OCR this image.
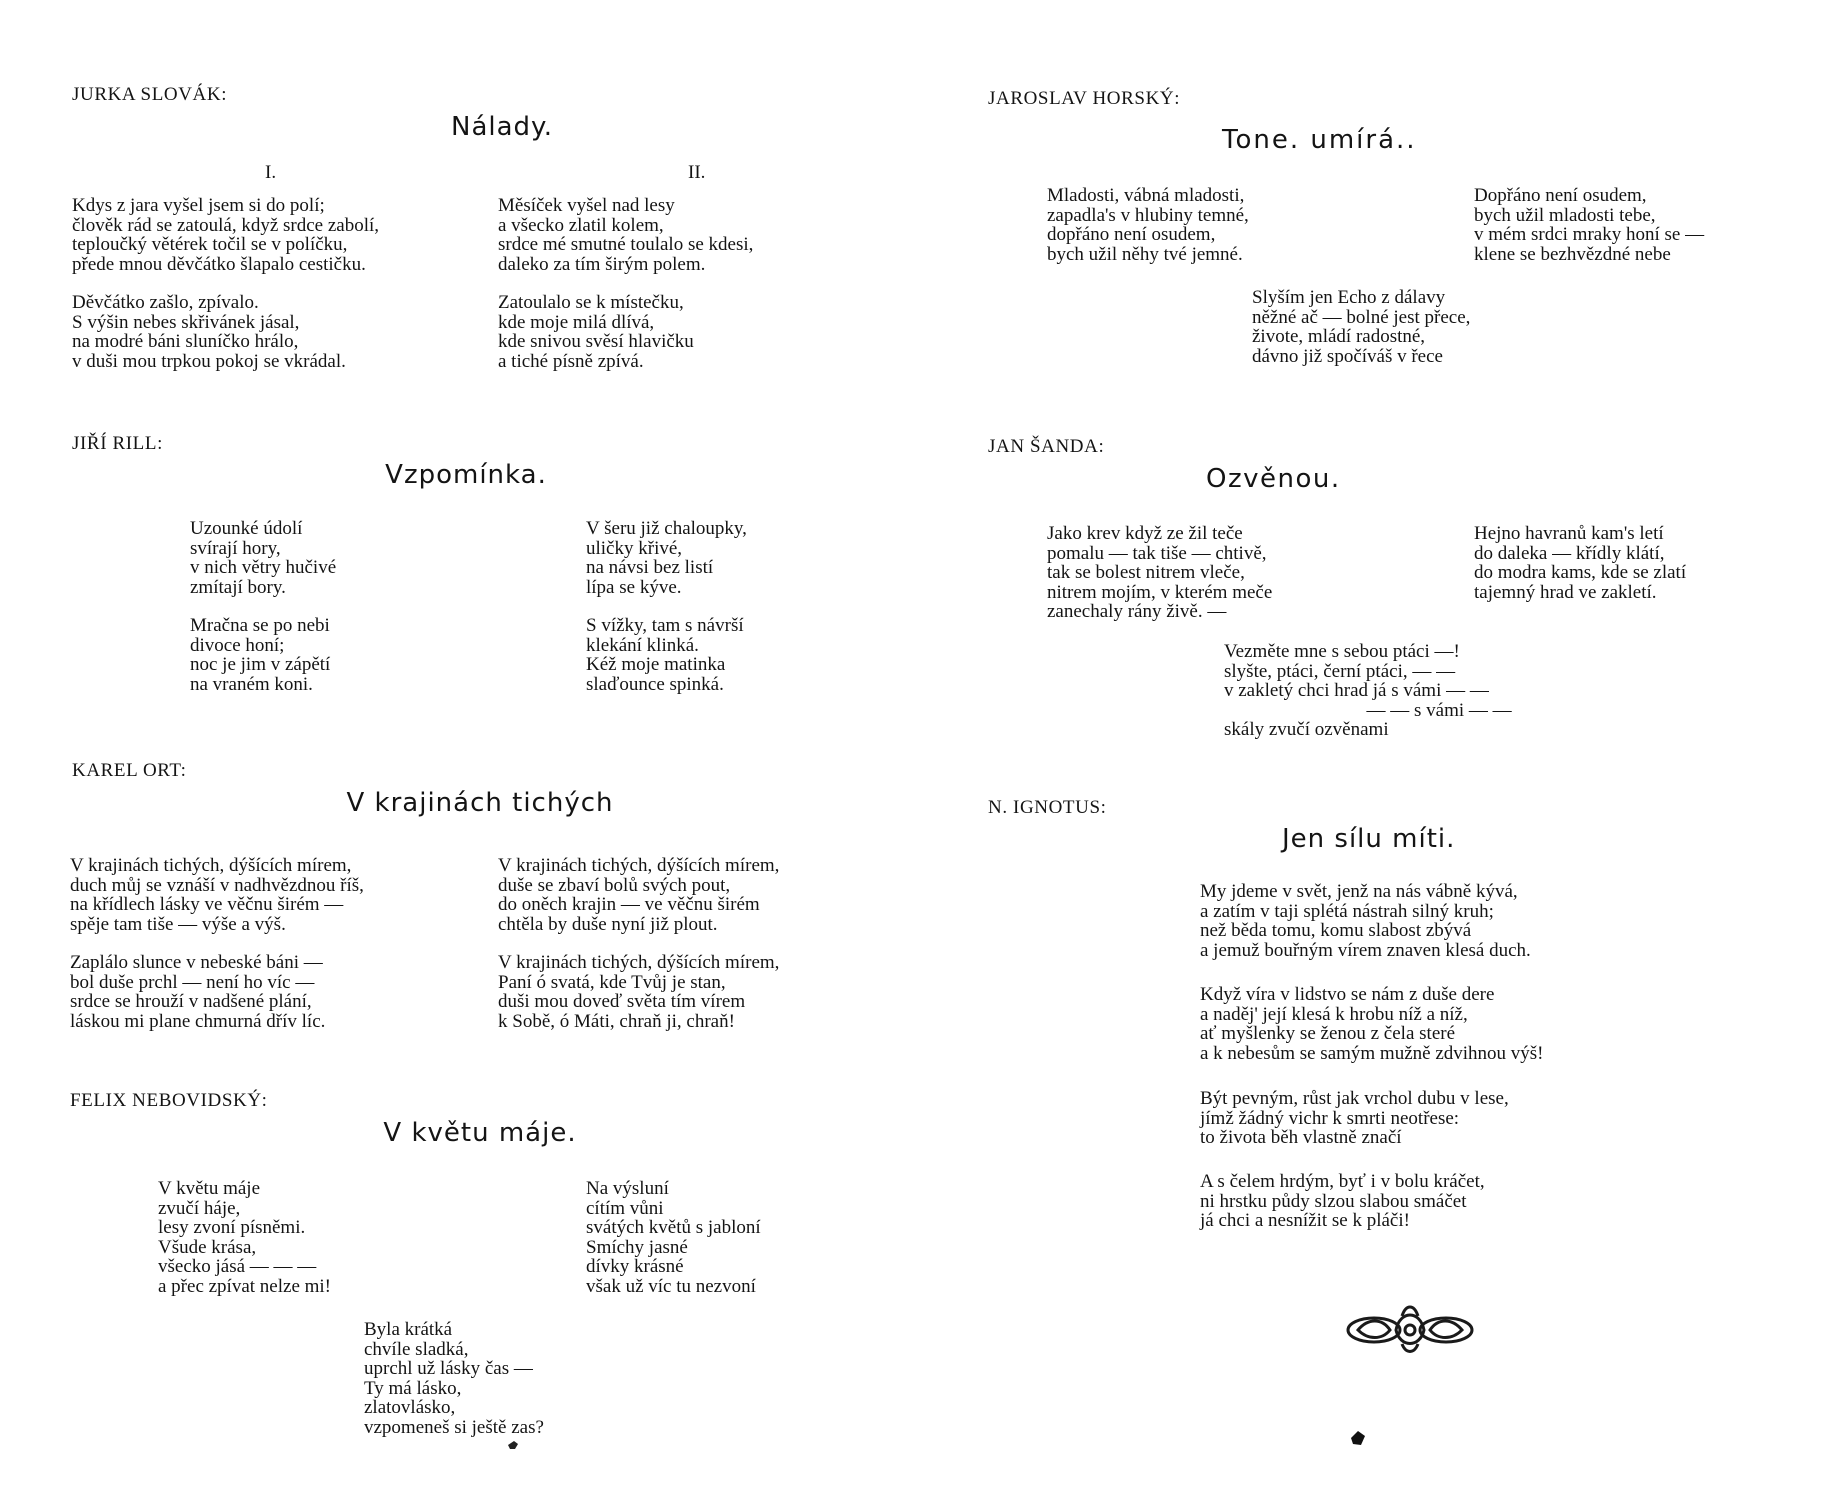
JURKA SLOVÁK:
Nálady.
I.	II.
Kdys z jara vyšel jsem si do polí;
člověk rád se zatoulá, když srdce zabolí,
teploučký větérek točil se v políčku,
přede mnou děvčátko šlapalo cestičku.
Děvčátko zašlo, zpívalo.
S výšin nebes skřivánek jásal,
na modré báni sluníčko hrálo,
v duši mou trpkou pokoj se vkrádal.
Měsíček vyšel nad lesy
a všecko zlatil kolem,
srdce mé smutné toulalo se kdesi,
daleko za tím širým polem.
Zatoulalo se k místečku,
kde moje milá dlívá,
kde snivou svěsí hlavičku
a tiché písně zpívá.
JIŘÍ RILL:
Vzpomínka.
Uzounké údolí
svírají hory,
v nich větry hučivé
zmítají bory.
Mračna se po nebi
divoce honí;
noc je jim v zápětí
na vraném koni.
V šeru již chaloupky,
uličky křivé,
na návsi bez listí
lípa se kýve.
S vížky, tam s návrší
klekání klinká.
Kéž moje matinka
slaďounce spinká.
KAREL ORT:
V krajinách tichých
V krajinách tichých, dýšících mírem,
duch můj se vznáší v nadhvězdnou říš,
na křídlech lásky ve věčnu širém —
spěje tam tiše — výše a výš.
Zaplálo slunce v nebeské báni —
bol duše prchl — není ho víc —
srdce se hrouží v nadšené plání,
láskou mi plane chmurná dřív líc.
V krajinách tichých, dýšících mírem,
duše se zbaví bolů svých pout,
do oněch krajin — ve věčnu širém
chtěla by duše nyní již plout.
V krajinách tichých, dýšících mírem,
Paní ó svatá, kde Tvůj je stan,
duši mou doveď světa tím vírem
k Sobě, ó Máti, chraň ji, chraň!
FELIX NEBOVIDSKÝ:
V květu máje.
V květu máje
zvučí háje,
lesy zvoní písněmi.
Všude krása,
všecko jásá — — —
a přec zpívat nelze mi!
Na výsluní
cítím vůni
svátých květů s jabloní
Smíchy jasné
dívky krásné
však už víc tu nezvoní
Byla krátká
chvíle sladká,
uprchl už lásky čas —
Ty má lásko,
zlatovlásko,
vzpomeneš si ještě zas?
JAROSLAV HORSKÝ:
Tone. umírá..
Mladosti, vábná mladosti,
zapadla's v hlubiny temné,
dopřáno není osudem,
bych užil něhy tvé jemné.
Dopřáno není osudem,
bych užil mladosti tebe,
v mém srdci mraky honí se —
klene se bezhvězdné nebe
Slyším jen Echo z dálavy
něžné ač — bolné jest přece,
živote, mládí radostné,
dávno již spočíváš v řece
JAN ŠANDA:
Ozvěnou.
Jako krev když ze žil teče
pomalu — tak tiše — chtivě,
tak se bolest nitrem vleče,
nitrem mojím, v kterém meče
zanechaly rány živě. —
Hejno havranů kam's letí
do daleka — křídly klátí,
do modra kams, kde se zlatí
tajemný hrad ve zakletí.
Vezměte mne s sebou ptáci —!
slyšte, ptáci, černí ptáci, — —
v zakletý chci hrad já s vámi — —
— — s vámi — —
skály zvučí ozvěnami
N. IGNOTUS:
Jen sílu míti.
My jdeme v svět, jenž na nás vábně kývá,
a zatím v taji splétá nástrah silný kruh;
než běda tomu, komu slabost zbývá
a jemuž bouřným vírem znaven klesá duch.
Když víra v lidstvo se nám z duše dere
a naděj' její klesá k hrobu níž a níž,
ať myšlenky se ženou z čela steré
a k nebesům se samým mužně zdvihnou výš!
Být pevným, růst jak vrchol dubu v lese,
jímž žádný vichr k smrti neotřese:
to života běh vlastně značí
A s čelem hrdým, byť i v bolu kráčet,
ni hrstku půdy slzou slabou smáčet
já chci a nesnížit se k pláči!
